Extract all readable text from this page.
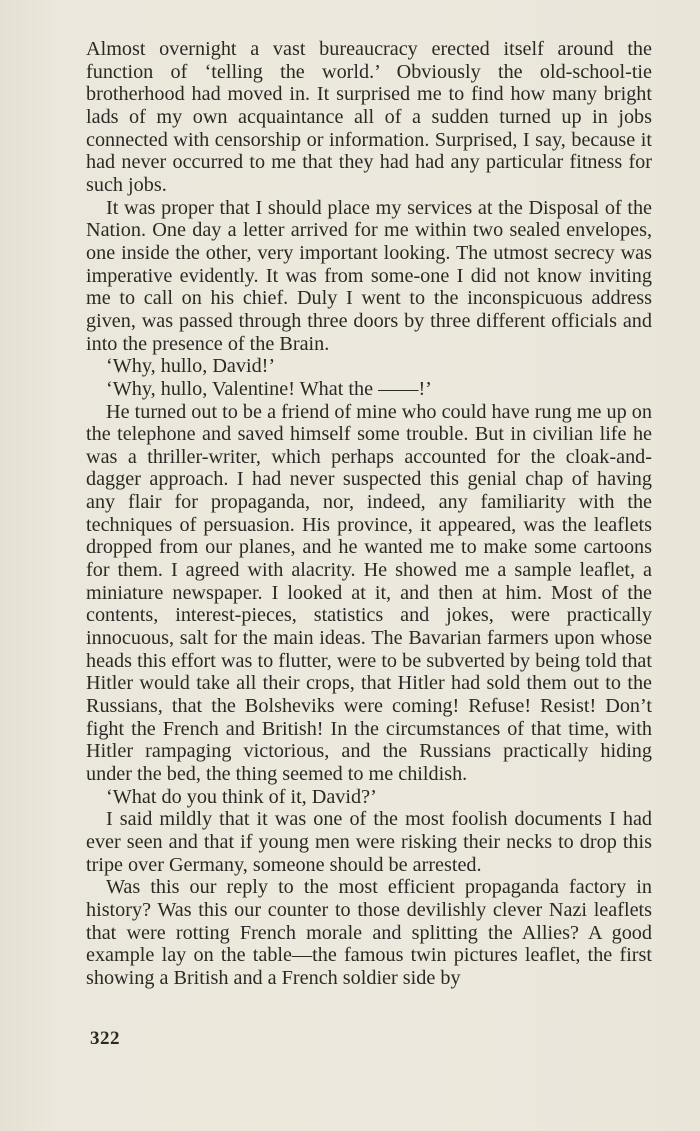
Almost overnight a vast bureaucracy erected itself around the function of ‘telling the world.’ Obviously the old-school-tie brotherhood had moved in. It surprised me to find how many bright lads of my own acquaintance all of a sudden turned up in jobs connected with censorship or information. Surprised, I say, because it had never occurred to me that they had had any particular fitness for such jobs.

It was proper that I should place my services at the Disposal of the Nation. One day a letter arrived for me within two sealed envelopes, one inside the other, very important looking. The utmost secrecy was imperative evidently. It was from some-one I did not know inviting me to call on his chief. Duly I went to the inconspicuous address given, was passed through three doors by three different officials and into the presence of the Brain.

‘Why, hullo, David!’

‘Why, hullo, Valentine! What the ——!’

He turned out to be a friend of mine who could have rung me up on the telephone and saved himself some trouble. But in civilian life he was a thriller-writer, which perhaps accounted for the cloak-and-dagger approach. I had never suspected this genial chap of having any flair for propaganda, nor, indeed, any familiarity with the techniques of persuasion. His province, it appeared, was the leaflets dropped from our planes, and he wanted me to make some cartoons for them. I agreed with alacrity. He showed me a sample leaflet, a miniature newspaper. I looked at it, and then at him. Most of the contents, interest-pieces, statistics and jokes, were practically innocuous, salt for the main ideas. The Bavarian farmers upon whose heads this effort was to flutter, were to be subverted by being told that Hitler would take all their crops, that Hitler had sold them out to the Russians, that the Bolsheviks were coming! Refuse! Resist! Don’t fight the French and British! In the circumstances of that time, with Hitler rampaging victorious, and the Russians practically hiding under the bed, the thing seemed to me childish.

‘What do you think of it, David?’

I said mildly that it was one of the most foolish documents I had ever seen and that if young men were risking their necks to drop this tripe over Germany, someone should be arrested.

Was this our reply to the most efficient propaganda factory in history? Was this our counter to those devilishly clever Nazi leaflets that were rotting French morale and splitting the Allies? A good example lay on the table—the famous twin pictures leaflet, the first showing a British and a French soldier side by

322
